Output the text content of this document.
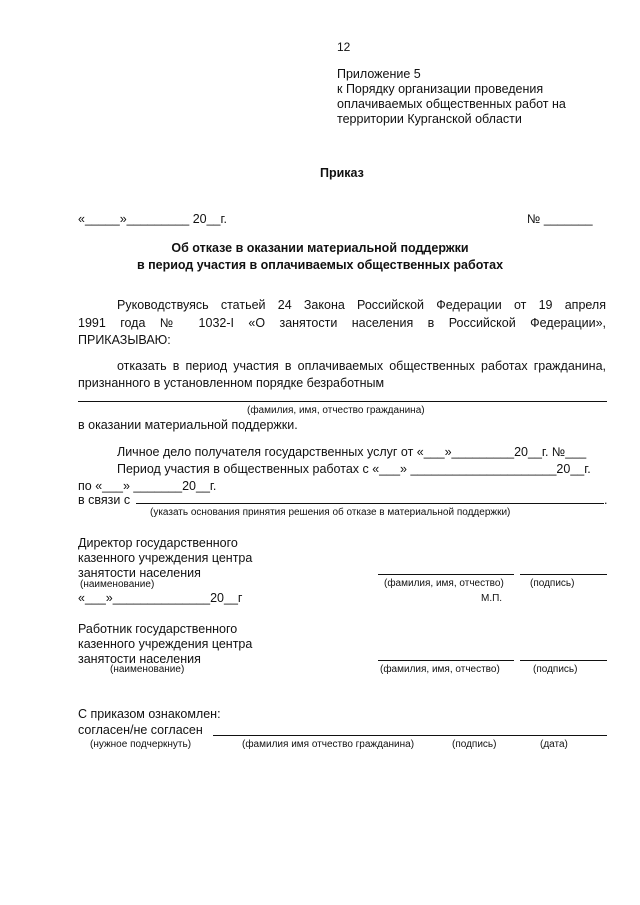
12
Приложение 5
к Порядку организации проведения
оплачиваемых общественных работ на
территории Курганской области
Приказ
«_____»_________ 20__г.	№ _______
Об отказе в оказании материальной поддержки
в период участия в оплачиваемых общественных работах
Руководствуясь статьей 24 Закона Российской Федерации от 19 апреля
1991 года № 1032-I «О занятости населения в Российской Федерации»,
ПРИКАЗЫВАЮ:
отказать в период участия в оплачиваемых общественных работах гражданина,
признанного в установленном порядке безработным
(фамилия, имя, отчество гражданина)
в оказании материальной поддержки.
Личное дело получателя государственных услуг от «___»_________20__г. №___
Период участия в общественных работах с «___» _____________________20__г.
по «___» _______20__г.
в связи с	.
(указать основания принятия решения об отказе в материальной поддержки)
Директор государственного
казенного учреждения центра
занятости населения
(наименование)
«___»______________20__г
(фамилия, имя, отчество)	(подпись)
М.П.
Работник государственного
казенного учреждения центра
занятости населения
(наименование)	(фамилия, имя, отчество)	(подпись)
С приказом ознакомлен:
согласен/не согласен
(нужное подчеркнуть)	(фамилия имя отчество гражданина)	(подпись)	(дата)
